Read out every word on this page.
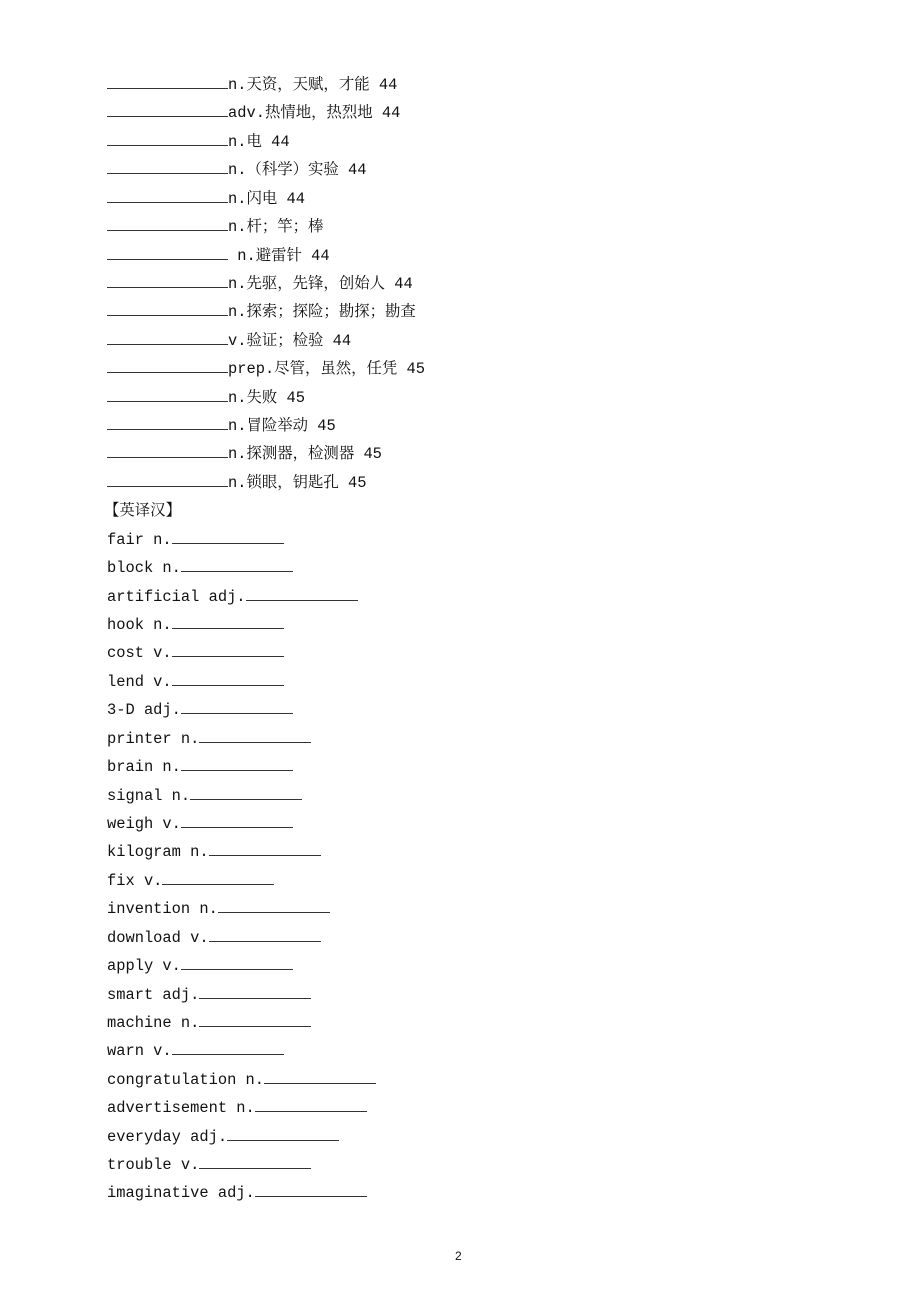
n.天资，天赋，才能 44
adv.热情地，热烈地 44
n.电 44
n.（科学）实验 44
n.闪电 44
n.杆；竿；棒
n.避雷针 44
n.先驱，先锋，创始人 44
n.探索；探险；勘探；勘查
v.验证；检验 44
prep.尽管，虽然，任凭 45
n.失败 45
n.冒险举动 45
n.探测器，检测器 45
n.锁眼，钥匙孔 45
【英译汉】
fair n.
block n.
artificial adj.
hook n.
cost v.
lend v.
3-D adj.
printer n.
brain n.
signal n.
weigh v.
kilogram n.
fix v.
invention n.
download v.
apply v.
smart adj.
machine n.
warn v.
congratulation n.
advertisement n.
everyday adj.
trouble v.
imaginative adj.
2
